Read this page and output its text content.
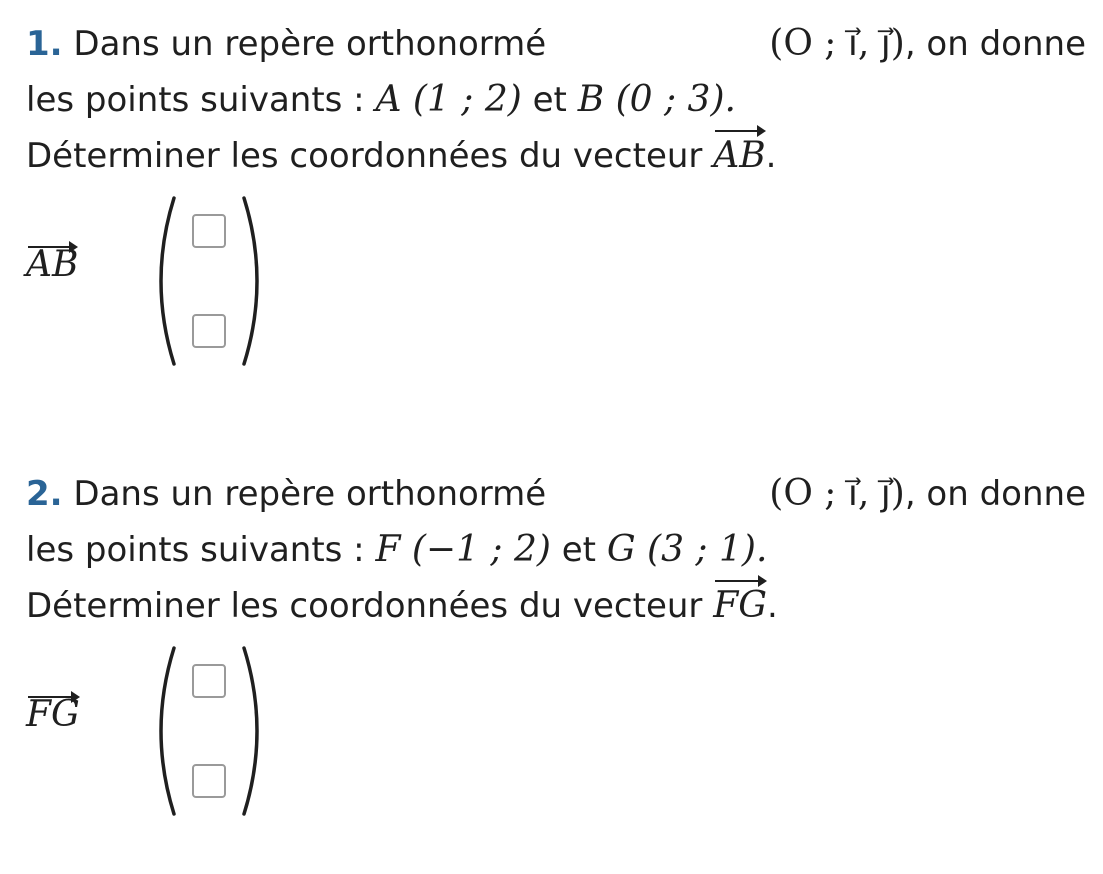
1. Dans un repère orthonormé	(O ; ı⃗, ȷ⃗), on donne
les points suivants : A (1 ; 2) et B (0 ; 3).
Déterminer les coordonnées du vecteur AB.
AB
2. Dans un repère orthonormé	(O ; ı⃗, ȷ⃗), on donne
les points suivants : F (−1 ; 2) et G (3 ; 1).
Déterminer les coordonnées du vecteur FG.
FG
